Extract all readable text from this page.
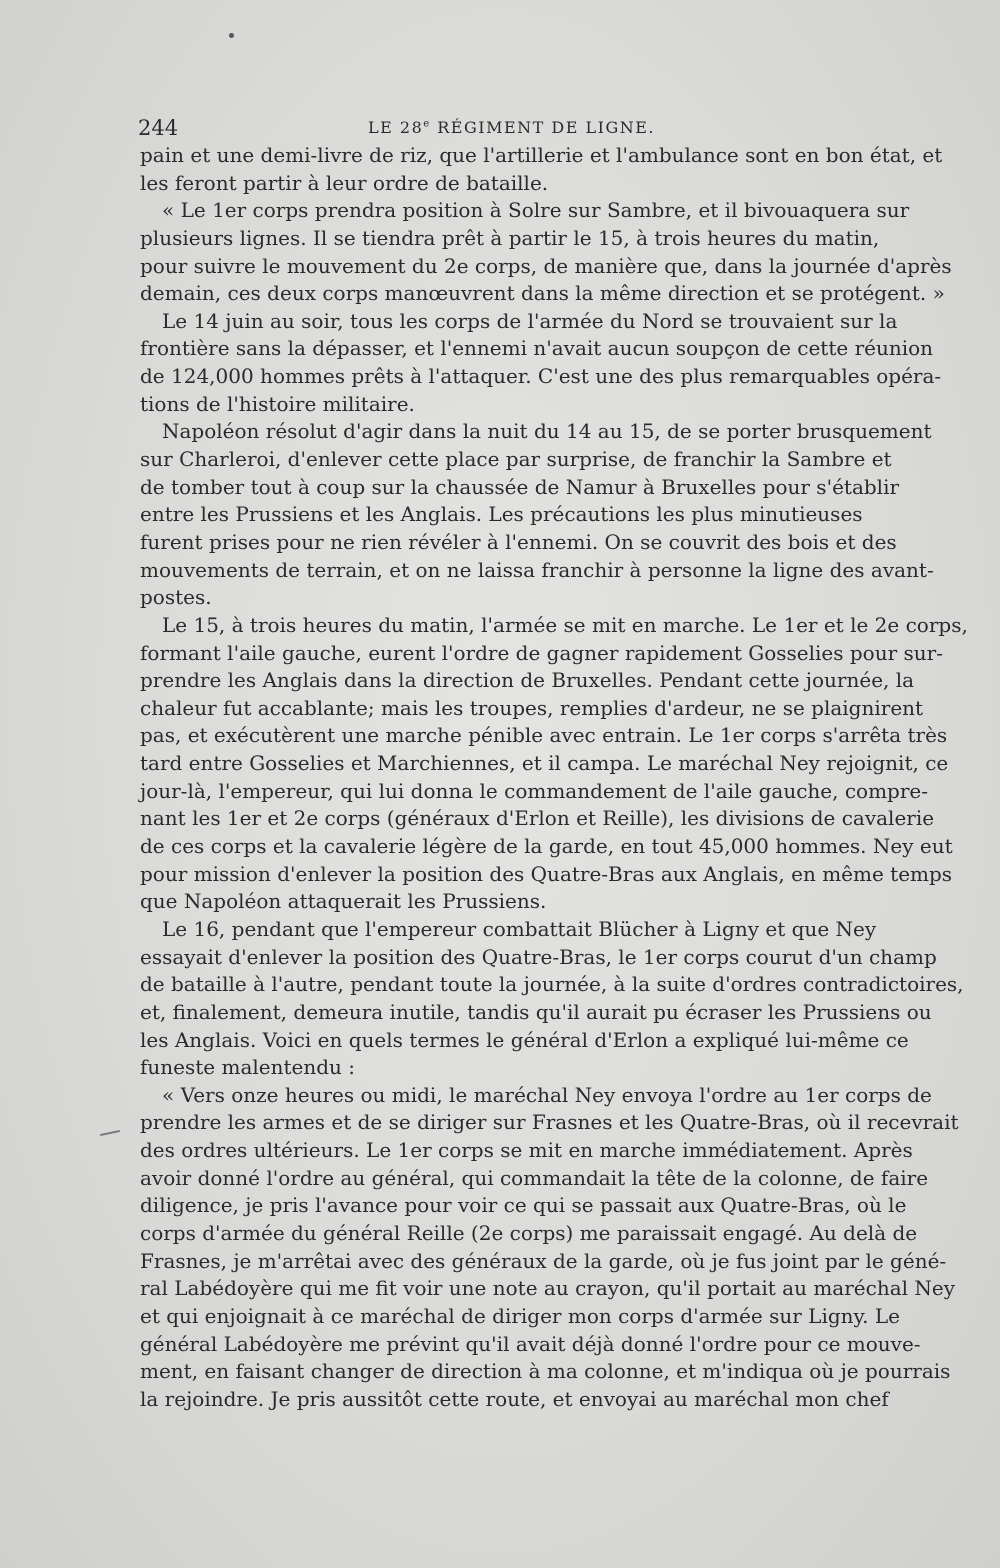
244	LE 28e RÉGIMENT DE LIGNE.
pain et une demi-livre de riz, que l'artillerie et l'ambulance sont en bon état, et
les feront partir à leur ordre de bataille.
« Le 1er corps prendra position à Solre sur Sambre, et il bivouaquera sur
plusieurs lignes. Il se tiendra prêt à partir le 15, à trois heures du matin,
pour suivre le mouvement du 2e corps, de manière que, dans la journée d'après
demain, ces deux corps manœuvrent dans la même direction et se protégent. »
Le 14 juin au soir, tous les corps de l'armée du Nord se trouvaient sur la
frontière sans la dépasser, et l'ennemi n'avait aucun soupçon de cette réunion
de 124,000 hommes prêts à l'attaquer. C'est une des plus remarquables opéra-
tions de l'histoire militaire.
Napoléon résolut d'agir dans la nuit du 14 au 15, de se porter brusquement
sur Charleroi, d'enlever cette place par surprise, de franchir la Sambre et
de tomber tout à coup sur la chaussée de Namur à Bruxelles pour s'établir
entre les Prussiens et les Anglais. Les précautions les plus minutieuses
furent prises pour ne rien révéler à l'ennemi. On se couvrit des bois et des
mouvements de terrain, et on ne laissa franchir à personne la ligne des avant-
postes.
Le 15, à trois heures du matin, l'armée se mit en marche. Le 1er et le 2e corps,
formant l'aile gauche, eurent l'ordre de gagner rapidement Gosselies pour sur-
prendre les Anglais dans la direction de Bruxelles. Pendant cette journée, la
chaleur fut accablante; mais les troupes, remplies d'ardeur, ne se plaignirent
pas, et exécutèrent une marche pénible avec entrain. Le 1er corps s'arrêta très
tard entre Gosselies et Marchiennes, et il campa. Le maréchal Ney rejoignit, ce
jour-là, l'empereur, qui lui donna le commandement de l'aile gauche, compre-
nant les 1er et 2e corps (généraux d'Erlon et Reille), les divisions de cavalerie
de ces corps et la cavalerie légère de la garde, en tout 45,000 hommes. Ney eut
pour mission d'enlever la position des Quatre-Bras aux Anglais, en même temps
que Napoléon attaquerait les Prussiens.
Le 16, pendant que l'empereur combattait Blücher à Ligny et que Ney
essayait d'enlever la position des Quatre-Bras, le 1er corps courut d'un champ
de bataille à l'autre, pendant toute la journée, à la suite d'ordres contradictoires,
et, finalement, demeura inutile, tandis qu'il aurait pu écraser les Prussiens ou
les Anglais. Voici en quels termes le général d'Erlon a expliqué lui-même ce
funeste malentendu :
« Vers onze heures ou midi, le maréchal Ney envoya l'ordre au 1er corps de
prendre les armes et de se diriger sur Frasnes et les Quatre-Bras, où il recevrait
des ordres ultérieurs. Le 1er corps se mit en marche immédiatement. Après
avoir donné l'ordre au général, qui commandait la tête de la colonne, de faire
diligence, je pris l'avance pour voir ce qui se passait aux Quatre-Bras, où le
corps d'armée du général Reille (2e corps) me paraissait engagé. Au delà de
Frasnes, je m'arrêtai avec des généraux de la garde, où je fus joint par le géné-
ral Labédoyère qui me fit voir une note au crayon, qu'il portait au maréchal Ney
et qui enjoignait à ce maréchal de diriger mon corps d'armée sur Ligny. Le
général Labédoyère me prévint qu'il avait déjà donné l'ordre pour ce mouve-
ment, en faisant changer de direction à ma colonne, et m'indiqua où je pourrais
la rejoindre. Je pris aussitôt cette route, et envoyai au maréchal mon chef
